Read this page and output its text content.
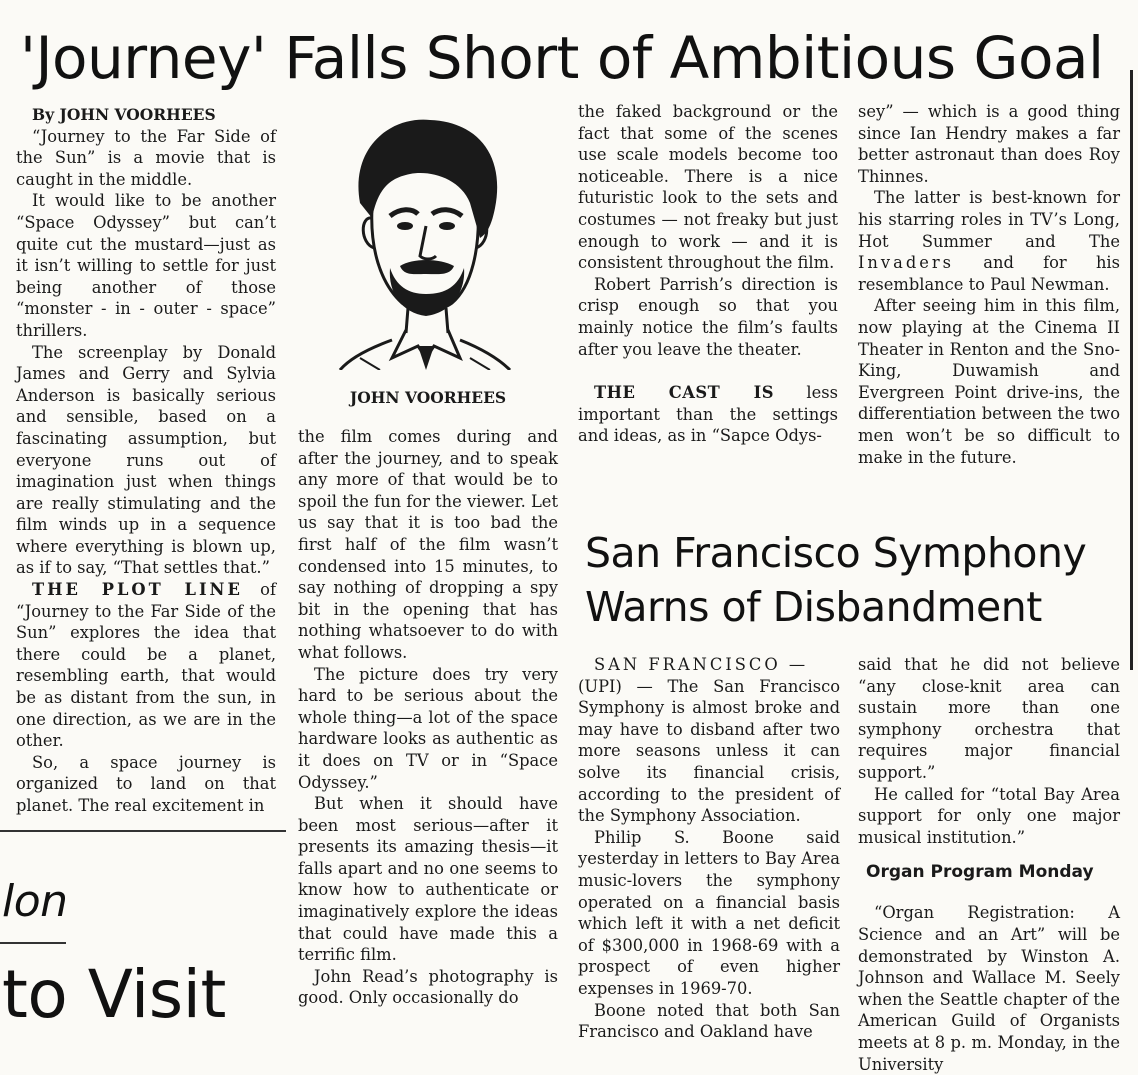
'Journey' Falls Short of Ambitious Goal

By JOHN VOORHEES

“Journey to the Far Side of the Sun” is a movie that is caught in the middle.

It would like to be another “Space Odyssey” but can’t quite cut the mustard—just as it isn’t willing to settle for just being another of those “monster - in - outer - space” thrillers.

The screenplay by Donald James and Gerry and Sylvia Anderson is basically serious and sensible, based on a fascinating assumption, but everyone runs out of imagination just when things are really stimulating and the film winds up in a sequence where everything is blown up, as if to say, “That settles that.”

THE PLOT LINE of “Journey to the Far Side of the Sun” explores the idea that there could be a planet, resembling earth, that would be as distant from the sun, in one direction, as we are in the other.

So, a space journey is organized to land on that planet. The real excitement in

JOHN VOORHEES

the film comes during and after the journey, and to speak any more of that would be to spoil the fun for the viewer. Let us say that it is too bad the first half of the film wasn’t condensed into 15 minutes, to say nothing of dropping a spy bit in the opening that has nothing whatsoever to do with what follows.

The picture does try very hard to be serious about the whole thing—a lot of the space hardware looks as authentic as it does on TV or in “Space Odyssey.”

But when it should have been most serious—after it presents its amazing thesis—it falls apart and no one seems to know how to authenticate or imaginatively explore the ideas that could have made this a terrific film.

John Read’s photography is good. Only occasionally do

the faked background or the fact that some of the scenes use scale models become too noticeable. There is a nice futuristic look to the sets and costumes — not freaky but just enough to work — and it is consistent throughout the film.

Robert Parrish’s direction is crisp enough so that you mainly notice the film’s faults after you leave the theater.

THE CAST IS less important than the settings and ideas, as in “Sapce Odys-

sey” — which is a good thing since Ian Hendry makes a far better astronaut than does Roy Thinnes.

The latter is best-known for his starring roles in TV’s Long, Hot Summer and The Invaders and for his resemblance to Paul Newman.

After seeing him in this film, now playing at the Cinema II Theater in Renton and the Sno-King, Duwamish and Evergreen Point drive-ins, the differentiation between the two men won’t be so difficult to make in the future.

San Francisco Symphony
Warns of Disbandment

SAN FRANCISCO —

(UPI) — The San Francisco Symphony is almost broke and may have to disband after two more seasons unless it can solve its financial crisis, according to the president of the Symphony Association.

Philip S. Boone said yesterday in letters to Bay Area music-lovers the symphony operated on a financial basis which left it with a net deficit of $300,000 in 1968-69 with a prospect of even higher expenses in 1969-70.

Boone noted that both San Francisco and Oakland have

said that he did not believe “any close-knit area can sustain more than one symphony orchestra that requires major financial support.”

He called for “total Bay Area support for only one major musical institution.”

“Organ Registration: A Science and an Art” will be demonstrated by Winston A. Johnson and Wallace M. Seely when the Seattle chapter of the American Guild of Organists meets at 8 p. m. Monday, in the University

Organ Program Monday
lon
to Visit
